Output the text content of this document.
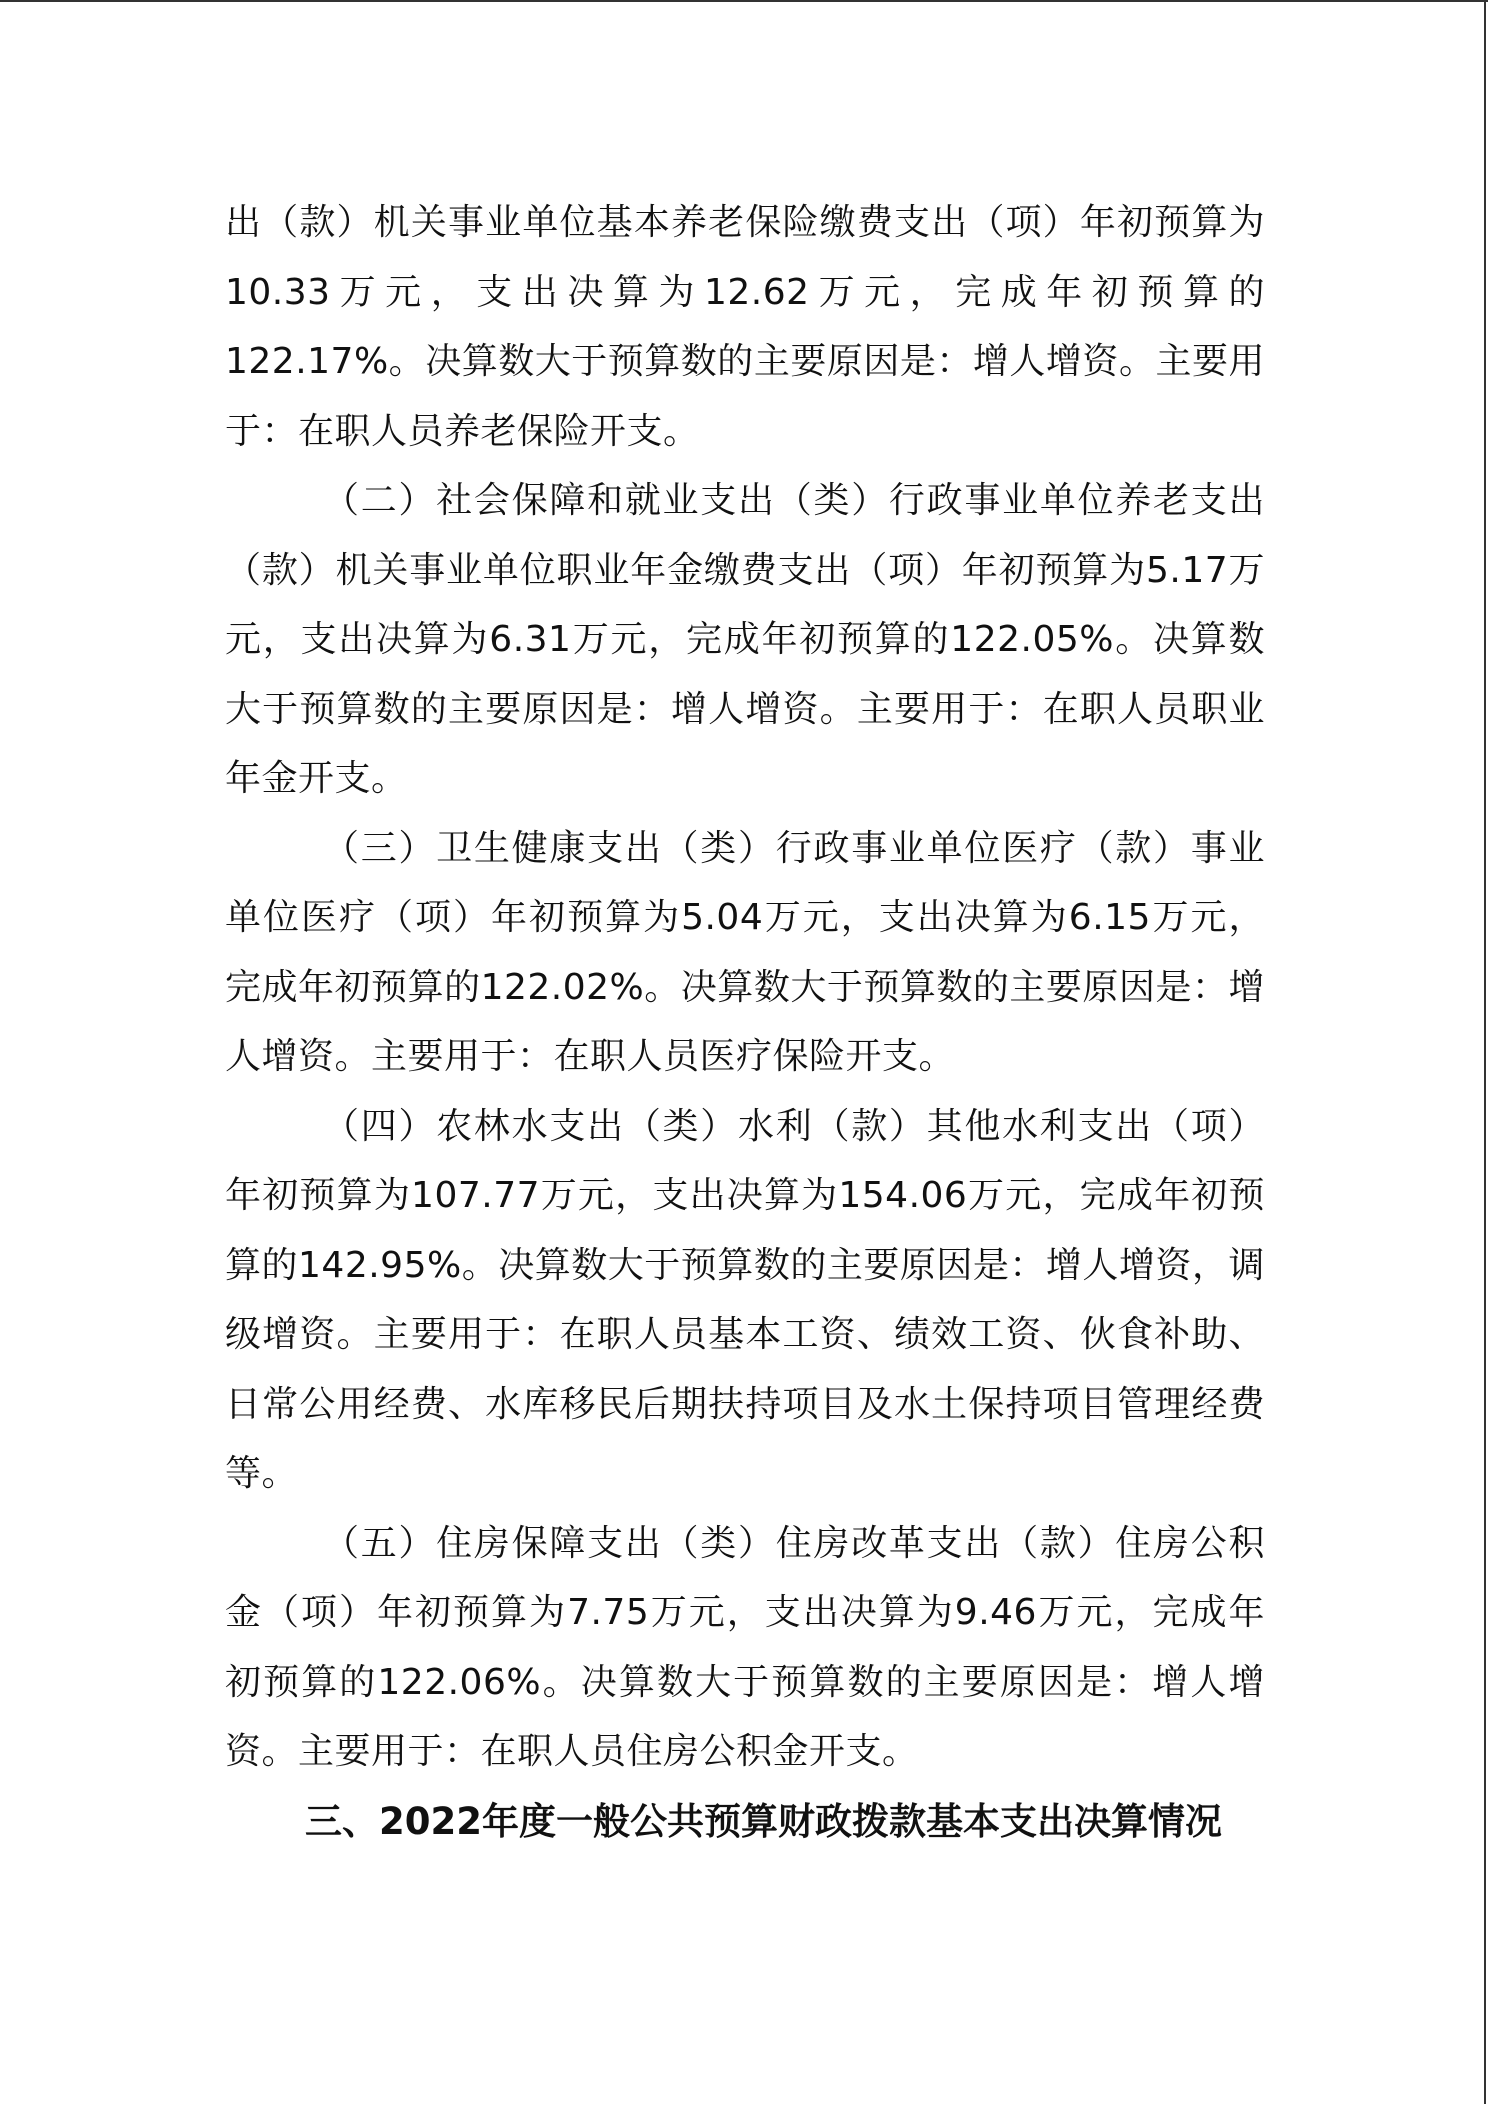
出（款）机关事业单位基本养老保险缴费支出（项）年初预算为10.33万元，支出决算为12.62万元，完成年初预算的122.17%。决算数大于预算数的主要原因是：增人增资。主要用于：在职人员养老保险开支。

（二）社会保障和就业支出（类）行政事业单位养老支出（款）机关事业单位职业年金缴费支出（项）年初预算为5.17万元，支出决算为6.31万元，完成年初预算的122.05%。决算数大于预算数的主要原因是：增人增资。主要用于：在职人员职业年金开支。

（三）卫生健康支出（类）行政事业单位医疗（款）事业单位医疗（项）年初预算为5.04万元，支出决算为6.15万元，完成年初预算的122.02%。决算数大于预算数的主要原因是：增人增资。主要用于：在职人员医疗保险开支。

（四）农林水支出（类）水利（款）其他水利支出（项）年初预算为107.77万元，支出决算为154.06万元，完成年初预算的142.95%。决算数大于预算数的主要原因是：增人增资，调级增资。主要用于：在职人员基本工资、绩效工资、伙食补助、日常公用经费、水库移民后期扶持项目及水土保持项目管理经费等。

（五）住房保障支出（类）住房改革支出（款）住房公积金（项）年初预算为7.75万元，支出决算为9.46万元，完成年初预算的122.06%。决算数大于预算数的主要原因是：增人增资。主要用于：在职人员住房公积金开支。

三、2022年度一般公共预算财政拨款基本支出决算情况
